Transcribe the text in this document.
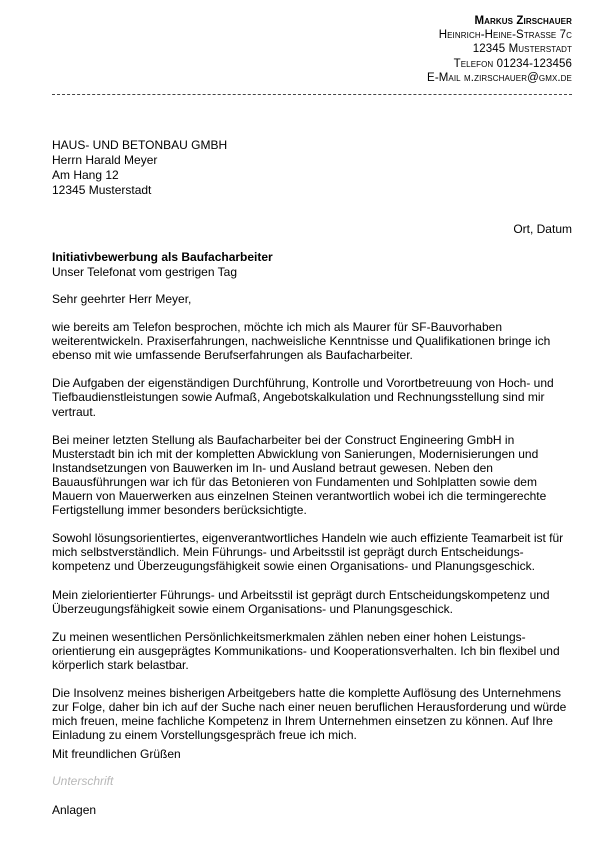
Markus Zirschauer
Heinrich-Heine-Straße 7c
12345 Musterstadt
Telefon 01234-123456
E-Mail m.zirschauer@gmx.de
HAUS- UND BETONBAU GMBH
Herrn Harald Meyer
Am Hang 12
12345 Musterstadt
Ort, Datum
Initiativbewerbung als Baufacharbeiter
Unser Telefonat vom gestrigen Tag

Sehr geehrter Herr Meyer,

wie bereits am Telefon besprochen, möchte ich mich als Maurer für SF-Bauvorhaben weiterentwickeln. Praxiserfahrungen, nachweisliche Kenntnisse und Qualifikationen bringe ich ebenso mit wie umfassende Berufserfahrungen als Baufacharbeiter.

Die Aufgaben der eigenständigen Durchführung, Kontrolle und Vorortbetreuung von Hoch- und Tiefbaudienstleistungen sowie Aufmaß, Angebotskalkulation und Rechnungsstellung sind mir vertraut.

Bei meiner letzten Stellung als Baufacharbeiter bei der Construct Engineering GmbH in Musterstadt bin ich mit der kompletten Abwicklung von Sanierungen, Modernisierungen und Instandsetzungen von Bauwerken im In- und Ausland betraut gewesen. Neben den Bauausführungen war ich für das Betonieren von Fundamenten und Sohlplatten sowie dem Mauern von Mauerwerken aus einzelnen Steinen verantwortlich wobei ich die termingerechte Fertigstellung immer besonders berücksichtigte.

Sowohl lösungsorientiertes, eigenverantwortliches Handeln wie auch effiziente Teamarbeit ist für mich selbstverständlich. Mein Führungs- und Arbeitsstil ist geprägt durch Entscheidungs-kompetenz und Überzeugungsfähigkeit sowie einen Organisations- und Planungsgeschick.

Mein zielorientierter Führungs- und Arbeitsstil ist geprägt durch Entscheidungskompetenz und Überzeugungsfähigkeit sowie einem Organisations- und Planungsgeschick.

Zu meinen wesentlichen Persönlichkeitsmerkmalen zählen neben einer hohen Leistungs-orientierung ein ausgeprägtes Kommunikations- und Kooperationsverhalten. Ich bin flexibel und körperlich stark belastbar.

Die Insolvenz meines bisherigen Arbeitgebers hatte die komplette Auflösung des Unternehmens zur Folge, daher bin ich auf der Suche nach einer neuen beruflichen Herausforderung und würde mich freuen, meine fachliche Kompetenz in Ihrem Unternehmen einsetzen zu können. Auf Ihre Einladung zu einem Vorstellungsgespräch freue ich mich.

Mit freundlichen Grüßen
Unterschrift
Anlagen
